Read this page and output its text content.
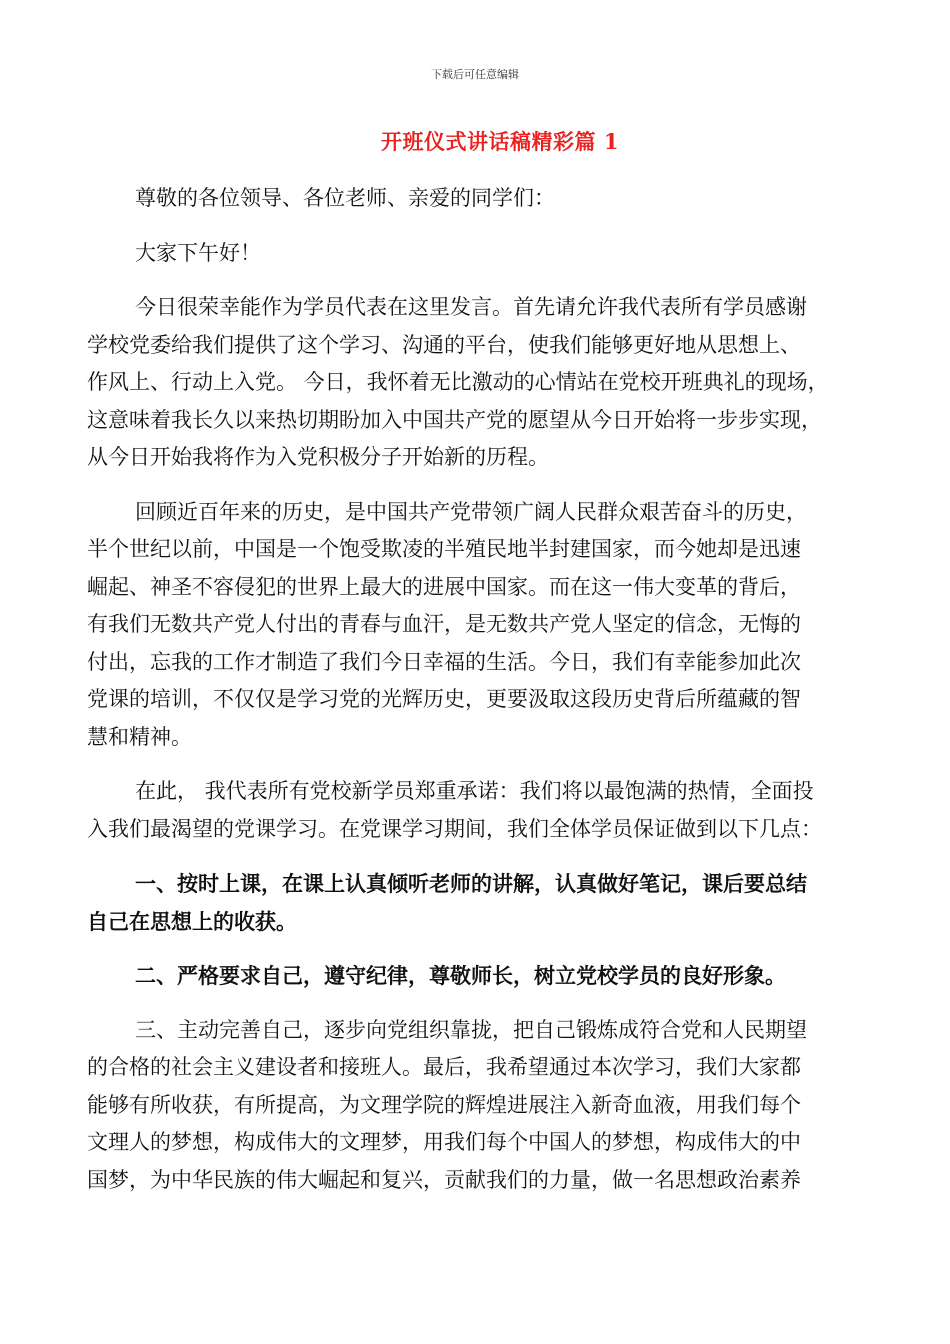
下载后可任意编辑
开班仪式讲话稿精彩篇 1
尊敬的各位领导、各位老师、亲爱的同学们：
大家下午好！
今日很荣幸能作为学员代表在这里发言。首先请允许我代表所有学员感谢
学校党委给我们提供了这个学习、沟通的平台，使我们能够更好地从思想上、
作风上、行动上入党。 今日，我怀着无比激动的心情站在党校开班典礼的现场，
这意味着我长久以来热切期盼加入中国共产党的愿望从今日开始将一步步实现，
从今日开始我将作为入党积极分子开始新的历程。
回顾近百年来的历史，是中国共产党带领广阔人民群众艰苦奋斗的历史，
半个世纪以前，中国是一个饱受欺凌的半殖民地半封建国家，而今她却是迅速
崛起、神圣不容侵犯的世界上最大的进展中国家。而在这一伟大变革的背后，
有我们无数共产党人付出的青春与血汗，是无数共产党人坚定的信念，无悔的
付出，忘我的工作才制造了我们今日幸福的生活。今日，我们有幸能参加此次
党课的培训，不仅仅是学习党的光辉历史，更要汲取这段历史背后所蕴藏的智
慧和精神。
在此， 我代表所有党校新学员郑重承诺：我们将以最饱满的热情，全面投
入我们最渴望的党课学习。在党课学习期间，我们全体学员保证做到以下几点：
一、按时上课，在课上认真倾听老师的讲解，认真做好笔记，课后要总结
自己在思想上的收获。
二、严格要求自己，遵守纪律，尊敬师长，树立党校学员的良好形象。
三、主动完善自己，逐步向党组织靠拢，把自己锻炼成符合党和人民期望
的合格的社会主义建设者和接班人。最后，我希望通过本次学习，我们大家都
能够有所收获，有所提高，为文理学院的辉煌进展注入新奇血液，用我们每个
文理人的梦想，构成伟大的文理梦，用我们每个中国人的梦想，构成伟大的中
国梦，为中华民族的伟大崛起和复兴，贡献我们的力量，做一名思想政治素养
